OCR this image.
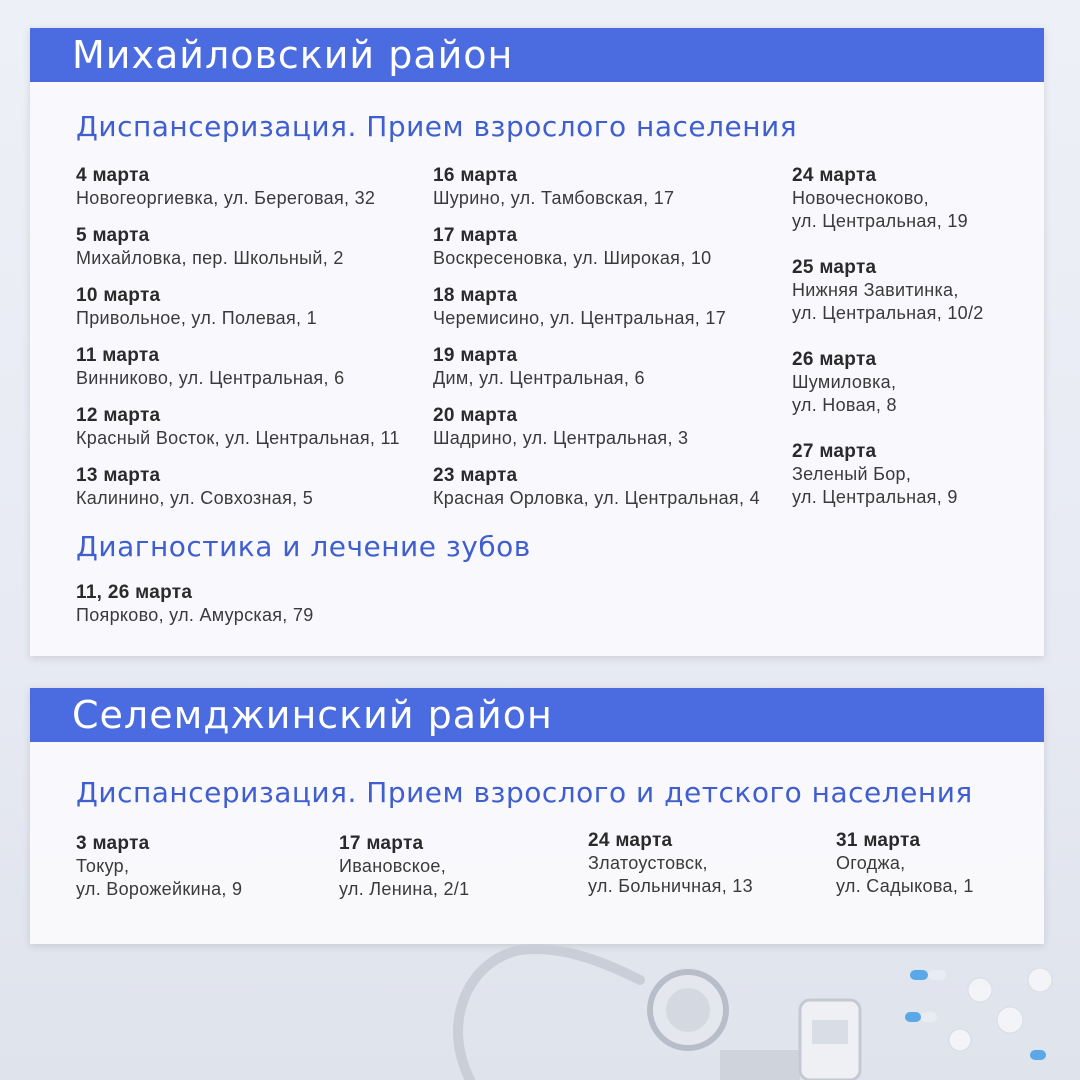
Михайловский район
Диспансеризация. Прием взрослого населения
4 марта
Новогеоргиевка, ул. Береговая, 32
5 марта
Михайловка, пер. Школьный, 2
10 марта
Привольное, ул. Полевая, 1
11 марта
Винниково, ул. Центральная, 6
12 марта
Красный Восток, ул. Центральная, 11
13 марта
Калинино, ул. Совхозная, 5
16 марта
Шурино, ул. Тамбовская, 17
17 марта
Воскресеновка, ул. Широкая, 10
18 марта
Черемисино, ул. Центральная, 17
19 марта
Дим, ул. Центральная, 6
20 марта
Шадрино, ул. Центральная, 3
23 марта
Красная Орловка, ул. Центральная, 4
24 марта
Новочесноково,
ул. Центральная, 19
25 марта
Нижняя Завитинка,
ул. Центральная, 10/2
26 марта
Шумиловка,
ул. Новая, 8
27 марта
Зеленый Бор,
ул. Центральная, 9
Диагностика и лечение зубов
11, 26 марта
Поярково, ул. Амурская, 79
Селемджинский район
Диспансеризация. Прием взрослого и детского населения
3 марта
Токур,
ул. Ворожейкина, 9
17 марта
Ивановское,
ул. Ленина, 2/1
24 марта
Златоустовск,
ул. Больничная, 13
31 марта
Огоджа,
ул. Садыкова, 1
